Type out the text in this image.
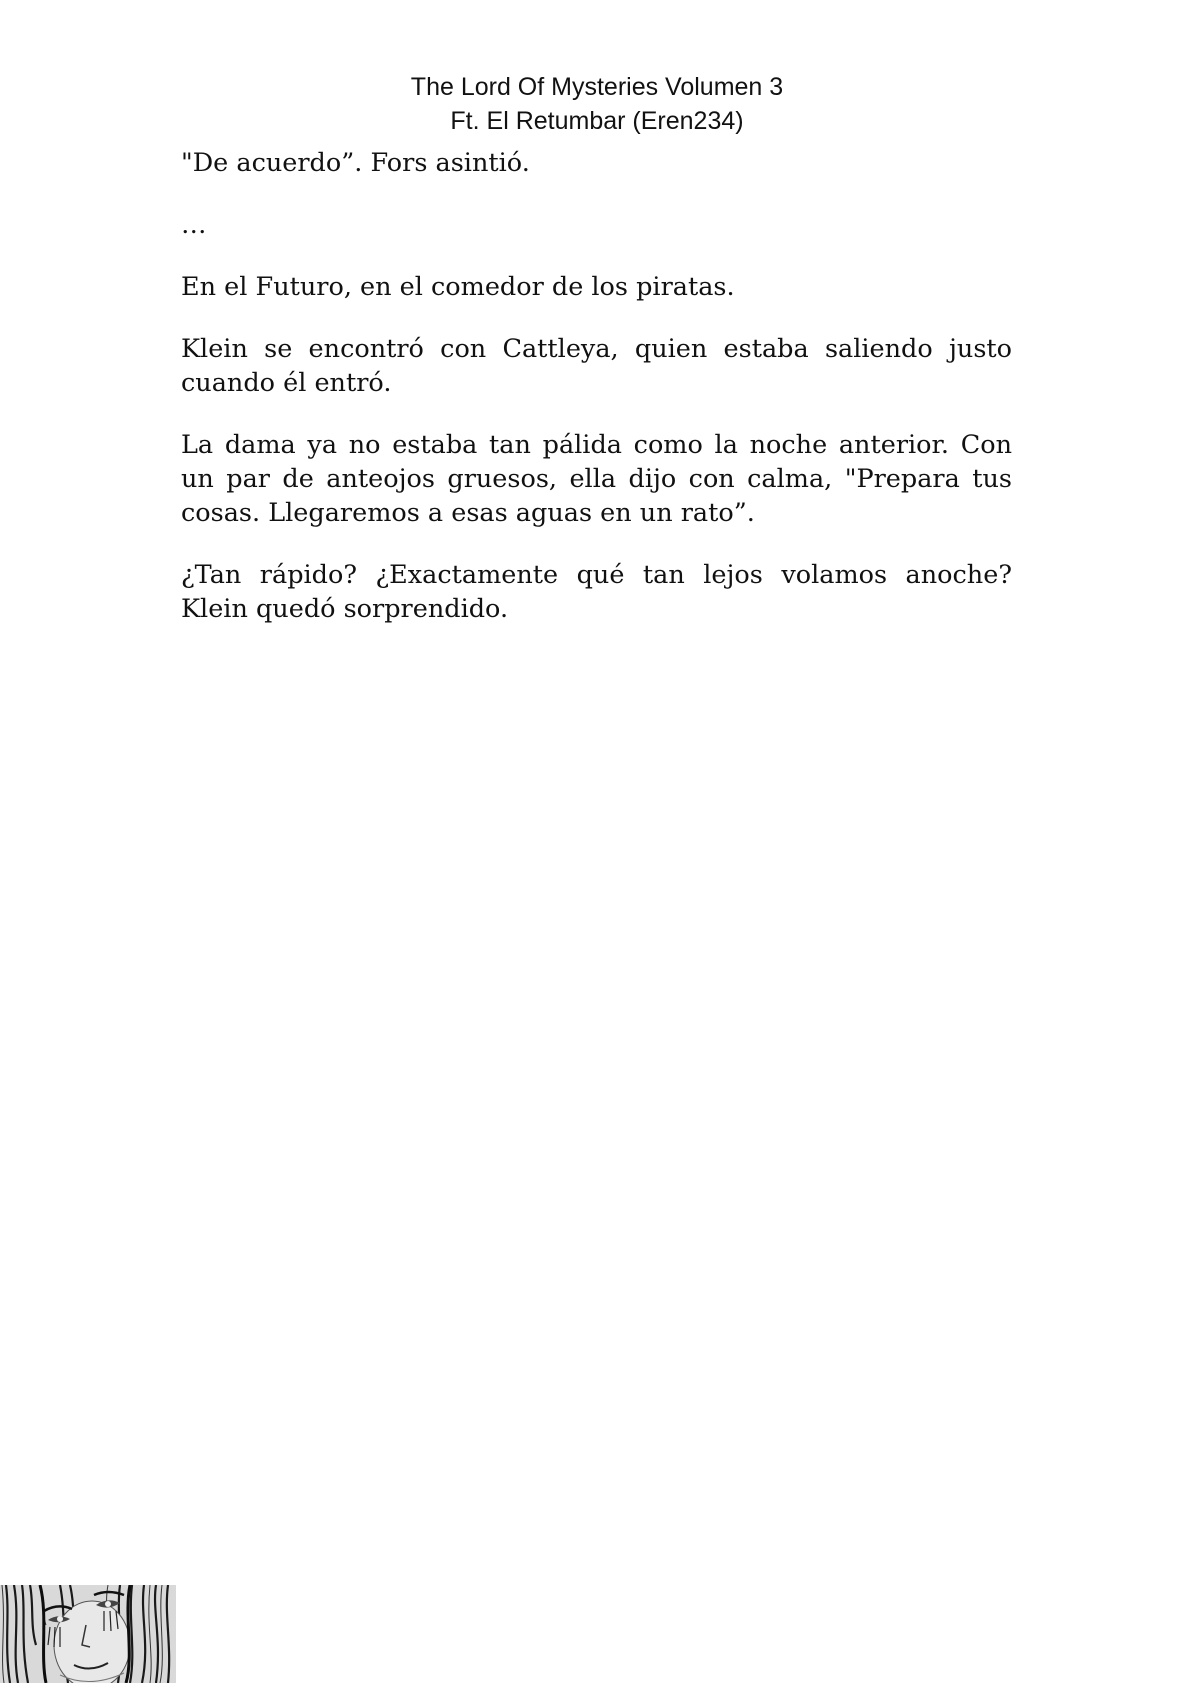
The Lord Of Mysteries Volumen 3
Ft. El Retumbar (Eren234)

"De acuerdo”. Fors asintió.

…

En el Futuro, en el comedor de los piratas.

Klein se encontró con Cattleya, quien estaba saliendo justo cuando él entró.

La dama ya no estaba tan pálida como la noche anterior. Con un par de anteojos gruesos, ella dijo con calma, "Prepara tus cosas. Llegaremos a esas aguas en un rato”.

¿Tan rápido? ¿Exactamente qué tan lejos volamos anoche? Klein quedó sorprendido.
